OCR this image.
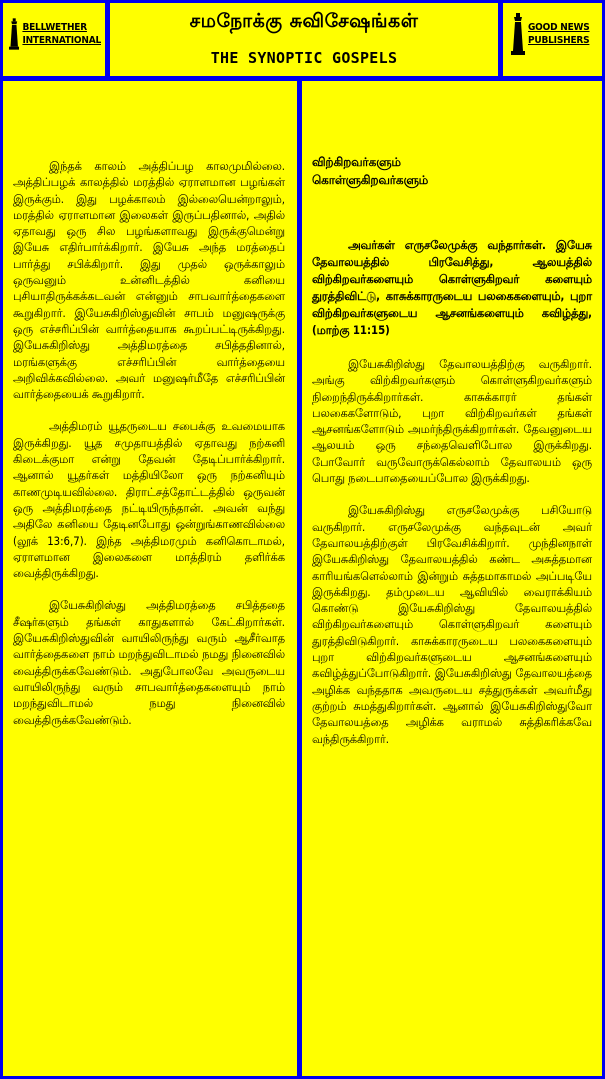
BELLWETHER
INTERNATIONAL
சமநோக்கு சுவிசேஷங்கள்
THE SYNOPTIC GOSPELS
GOOD NEWS
PUBLISHERS

இந்தக் காலம் அத்திப்பழ காலமுமில்லை. அத்திப்பழக் காலத்தில் மரத்தில் ஏராளமான பழங்கள் இருக்கும். இது பழக்காலம் இல்லையென்றாலும், மரத்தில் ஏராளமான இலைகள் இருப்பதினால், அதில் ஏதாவது ஒரு சில பழங்களாவது இருக்குமென்று இயேசு எதிர்பார்க்கிறார். இயேசு அந்த மரத்தைப் பார்த்து சபிக்கிறார். இது முதல் ஒருக்காலும் ஒருவனும் உன்னிடத்தில் கனியை புசியாதிருக்கக்கடவன் என்னும் சாபவார்த்தைகளை கூறுகிறார். இயேசுகிறிஸ்துவின் சாபம் மனுஷருக்கு ஒரு எச்சரிப்பின் வார்த்தையாக கூறப்பட்டிருக்கிறது. இயேசுகிறிஸ்து அத்திமரத்தை சபித்ததினால், மரங்களுக்கு எச்சரிப்பின் வார்த்தையை அறிவிக்கவில்லை. அவர் மனுஷர்மீதே எச்சரிப்பின் வார்த்தையைக் கூறுகிறார்.

அத்திமரம் யூதருடைய சபைக்கு உவமையாக இருக்கிறது. யூத சமுதாயத்தில் ஏதாவது நற்கனி கிடைக்குமா என்று தேவன் தேடிப்பார்க்கிறார். ஆனால் யூதர்கள் மத்தியிலோ ஒரு நற்கனியும் காணமுடியவில்லை. திராட்சத்தோட்டத்தில் ஒருவன் ஒரு அத்திமரத்தை நட்டியிருந்தான். அவன் வந்து அதிலே கனியை தேடினபோது ஒன்றுங்காணவில்லை (லூக் 13:6,7). இந்த அத்திமரமும் கனிகொடாமல், ஏராளமான இலைகளை மாத்திரம் தளிர்க்க வைத்திருக்கிறது.

இயேசுகிறிஸ்து அத்திமரத்தை சபித்ததை சீஷர்களும் தங்கள் காதுகளால் கேட்கிறார்கள். இயேசுகிறிஸ்துவின் வாயிலிருந்து வரும் ஆசீர்வாத வார்த்தைகளை நாம் மறந்துவிடாமல் நமது நினைவில் வைத்திருக்கவேண்டும். அதுபோலவே அவருடைய வாயிலிருந்து வரும் சாபவார்த்தைகளையும் நாம் மறந்துவிடாமல் நமது நினைவில் வைத்திருக்கவேண்டும்.

விற்கிறவர்களும்
கொள்ளுகிறவர்களும்
அவர்கள் எருசலேமுக்கு வந்தார்கள். இயேசு தேவாலயத்தில் பிரவேசித்து, ஆலயத்தில் விற்கிறவர்களையும் கொள்ளுகிறவர் களையும் துரத்திவிட்டு, காசுக்காரருடைய பலகைகளையும், புறா விற்கிறவர்களுடைய ஆசனங்களையும் கவிழ்த்து, (மாற்கு 11:15)

இயேசுகிறிஸ்து தேவாலயத்திற்கு வருகிறார். அங்கு விற்கிறவர்களும் கொள்ளுகிறவர்களும் நிறைந்திருக்கிறார்கள். காசுக்காரர் தங்கள் பலகைகளோடும், புறா விற்கிறவர்கள் தங்கள் ஆசனங்களோடும் அமர்ந்திருக்கிறார்கள். தேவனுடைய ஆலயம் ஒரு சந்தைவெளிபோல இருக்கிறது. போவோர் வருவோருக்கெல்லாம் தேவாலயம் ஒரு பொது நடைபாதையைப்போல இருக்கிறது.

இயேசுகிறிஸ்து எருசலேமுக்கு பசியோடு வருகிறார். எருசலேமுக்கு வந்தவுடன் அவர் தேவாலயத்திற்குள் பிரவேசிக்கிறார். முந்தினநாள் இயேசுகிறிஸ்து தேவாலயத்தில் கண்ட அசுத்தமான காரியங்களெல்லாம் இன்றும் சுத்தமாகாமல் அப்படியே இருக்கிறது. தம்முடைய ஆவியில் வைராக்கியம் கொண்டு இயேசுகிறிஸ்து தேவாலயத்தில் விற்கிறவர்களையும் கொள்ளுகிறவர் களையும் துரத்திவிடுகிறார். காசுக்காரருடைய பலகைகளையும் புறா விற்கிறவர்களுடைய ஆசனங்களையும் கவிழ்த்துப்போடுகிறார். இயேசுகிறிஸ்து தேவாலயத்தை அழிக்க வந்ததாக அவருடைய சத்துருக்கள் அவர்மீது குற்றம் சுமத்துகிறார்கள். ஆனால் இயேசுகிறிஸ்துவோ தேவாலயத்தை அழிக்க வராமல் சுத்திகரிக்கவே வந்திருக்கிறார்.
